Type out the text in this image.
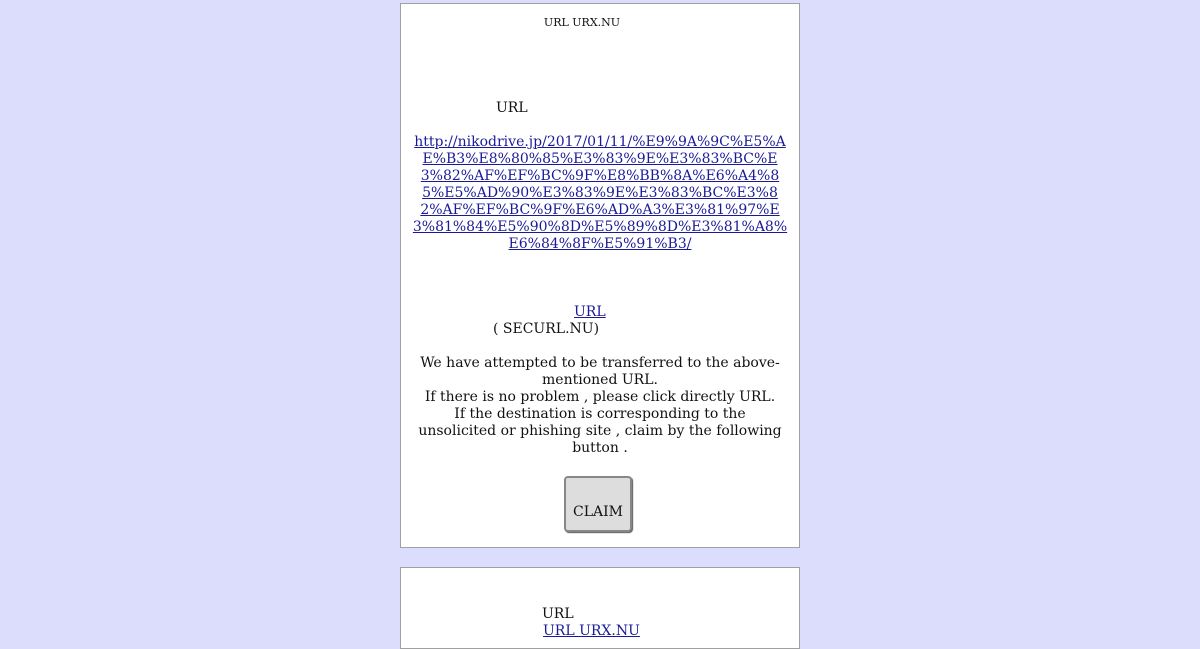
URL URX.NU
URL
http://nikodrive.jp/2017/01/11/%E9%9A%9C%E5%AE%B3%E8%80%85%E3%83%9E%E3%83%BC%E3%82%AF%EF%BC%9F%E8%BB%8A%E6%A4%85%E5%AD%90%E3%83%9E%E3%83%BC%E3%82%AF%EF%BC%9F%E6%AD%A3%E3%81%97%E3%81%84%E5%90%8D%E5%89%8D%E3%81%A8%E6%84%8F%E5%91%B3/
URL
( SECURL.NU)

We have attempted to be transferred to the above-mentioned URL.

If there is no problem , please click directly URL.

If the destination is corresponding to the unsolicited or phishing site , claim by the following button .

CLAIM
URL
URL URX.NU
